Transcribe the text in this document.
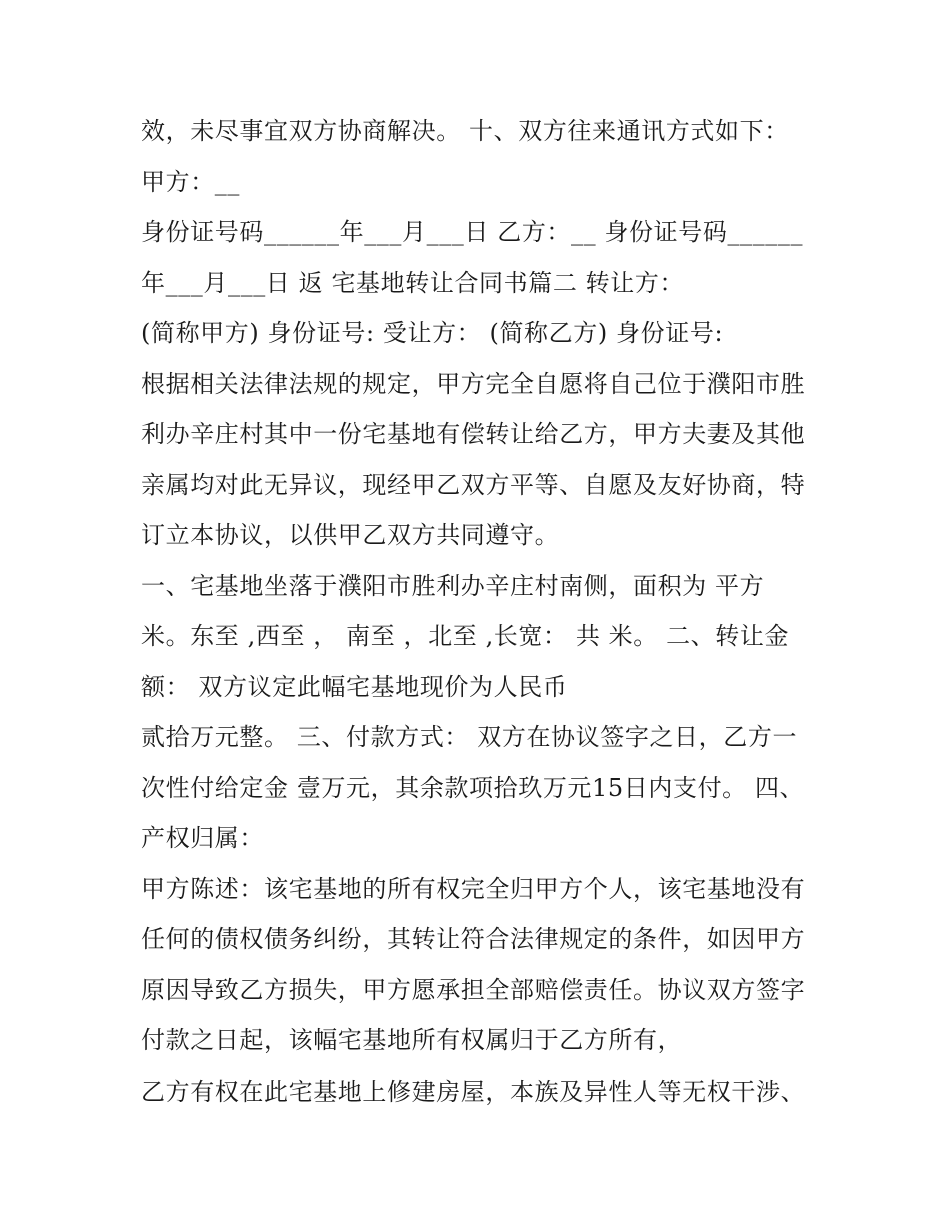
效，未尽事宜双方协商解决。 十、双方往来通讯方式如下：
甲方：__
身份证号码______年___月___日 乙方：__ 身份证号码______
年___月___日 返 宅基地转让合同书篇二 转让方：
(简称甲方) 身份证号: 受让方： (简称乙方) 身份证号:
根据相关法律法规的规定，甲方完全自愿将自己位于濮阳市胜
利办辛庄村其中一份宅基地有偿转让给乙方，甲方夫妻及其他
亲属均对此无异议，现经甲乙双方平等、自愿及友好协商，特
订立本协议，以供甲乙双方共同遵守。
一、宅基地坐落于濮阳市胜利办辛庄村南侧，面积为 平方
米。东至 ,西至 ， 南至 ，北至 ,长宽： 共 米。 二、转让金
额： 双方议定此幅宅基地现价为人民币
贰拾万元整。 三、付款方式： 双方在协议签字之日，乙方一
次性付给定金 壹万元，其余款项拾玖万元15日内支付。 四、
产权归属：
甲方陈述：该宅基地的所有权完全归甲方个人，该宅基地没有
任何的债权债务纠纷，其转让符合法律规定的条件，如因甲方
原因导致乙方损失，甲方愿承担全部赔偿责任。协议双方签字
付款之日起，该幅宅基地所有权属归于乙方所有，
乙方有权在此宅基地上修建房屋，本族及异性人等无权干涉、
